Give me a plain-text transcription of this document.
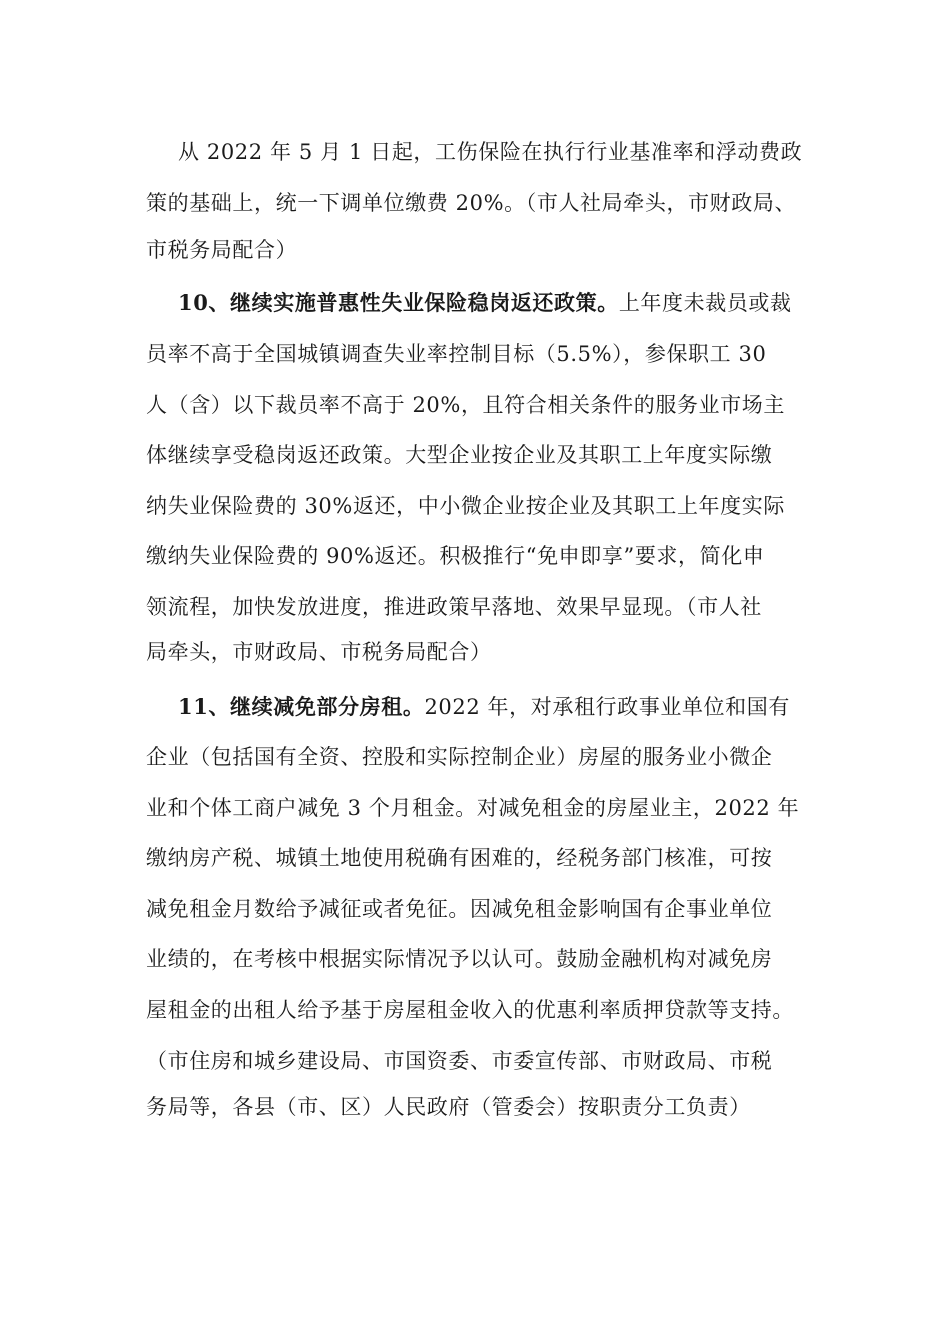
从 2022 年 5 月 1 日起，工伤保险在执行行业基准率和浮动费政
策的基础上，统一下调单位缴费 20%。（市人社局牵头，市财政局、
市税务局配合）
10、继续实施普惠性失业保险稳岗返还政策。上年度未裁员或裁
员率不高于全国城镇调查失业率控制目标（5.5%），参保职工 30
人（含）以下裁员率不高于 20%，且符合相关条件的服务业市场主
体继续享受稳岗返还政策。大型企业按企业及其职工上年度实际缴
纳失业保险费的 30%返还，中小微企业按企业及其职工上年度实际
缴纳失业保险费的 90%返还。积极推行“免申即享”要求，简化申
领流程，加快发放进度，推进政策早落地、效果早显现。（市人社
局牵头，市财政局、市税务局配合）
11、继续减免部分房租。2022 年，对承租行政事业单位和国有
企业（包括国有全资、控股和实际控制企业）房屋的服务业小微企
业和个体工商户减免 3 个月租金。对减免租金的房屋业主，2022 年
缴纳房产税、城镇土地使用税确有困难的，经税务部门核准，可按
减免租金月数给予减征或者免征。因减免租金影响国有企事业单位
业绩的，在考核中根据实际情况予以认可。鼓励金融机构对减免房
屋租金的出租人给予基于房屋租金收入的优惠利率质押贷款等支持。
（市住房和城乡建设局、市国资委、市委宣传部、市财政局、市税
务局等，各县（市、区）人民政府（管委会）按职责分工负责）
